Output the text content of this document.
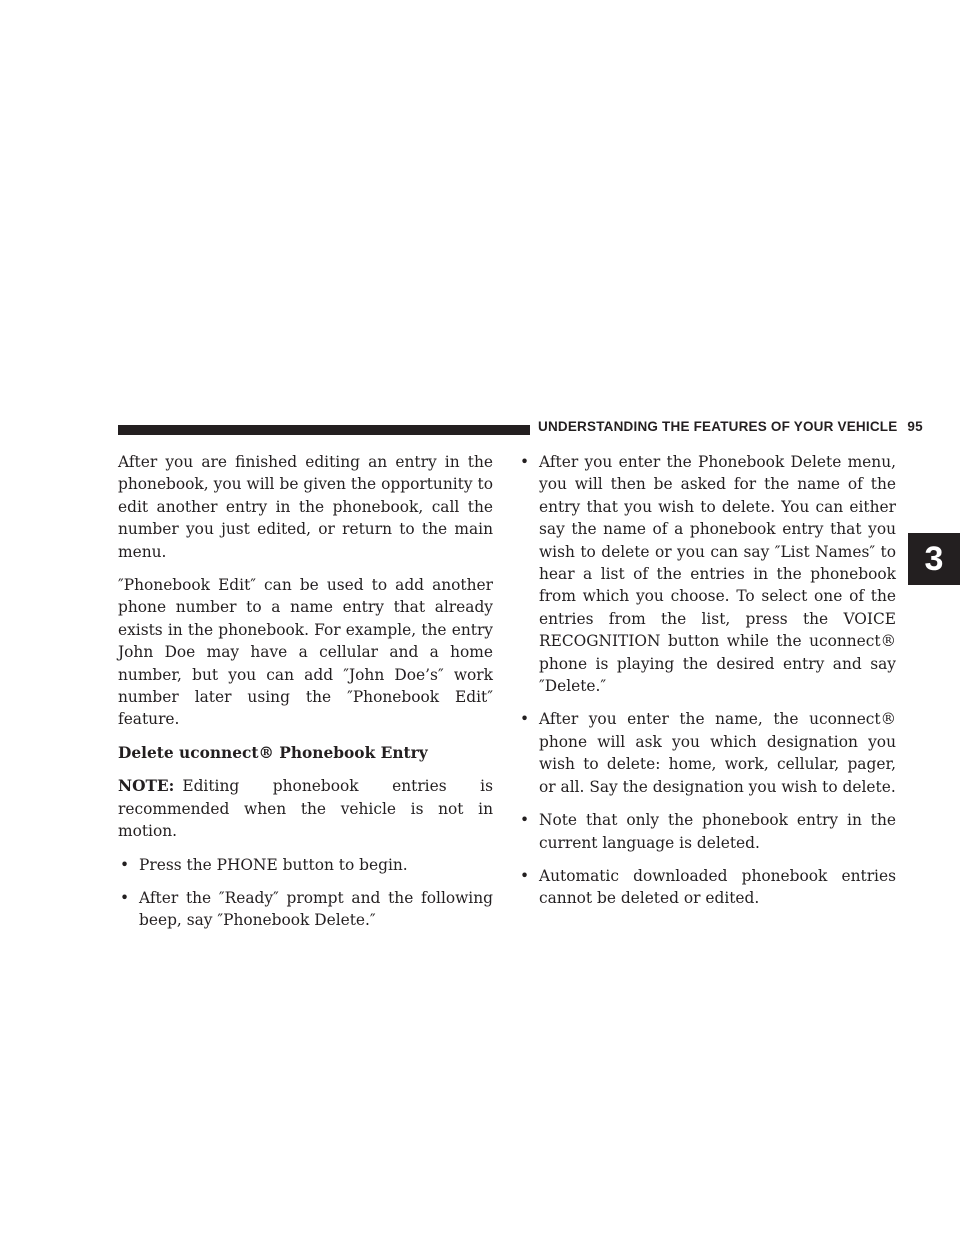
UNDERSTANDING THE FEATURES OF YOUR VEHICLE 95
3

After you are finished editing an entry in the phonebook, you will be given the opportunity to edit another entry in the phonebook, call the number you just edited, or return to the main menu.

″Phonebook Edit″ can be used to add another phone number to a name entry that already exists in the phonebook. For example, the entry John Doe may have a cellular and a home number, but you can add ″John Doe’s″ work number later using the ″Phonebook Edit″ feature.

Delete uconnect® Phonebook Entry

NOTE: Editing phonebook entries is recommended when the vehicle is not in motion.

• Press the PHONE button to begin.
• After the ″Ready″ prompt and the following beep, say ″Phonebook Delete.″
• After you enter the Phonebook Delete menu, you will then be asked for the name of the entry that you wish to delete. You can either say the name of a phonebook entry that you wish to delete or you can say ″List Names″ to hear a list of the entries in the phonebook from which you choose. To select one of the entries from the list, press the VOICE RECOGNITION button while the uconnect® phone is playing the desired entry and say ″Delete.″
• After you enter the name, the uconnect® phone will ask you which designation you wish to delete: home, work, cellular, pager, or all. Say the designation you wish to delete.
• Note that only the phonebook entry in the current language is deleted.
• Automatic downloaded phonebook entries cannot be deleted or edited.
